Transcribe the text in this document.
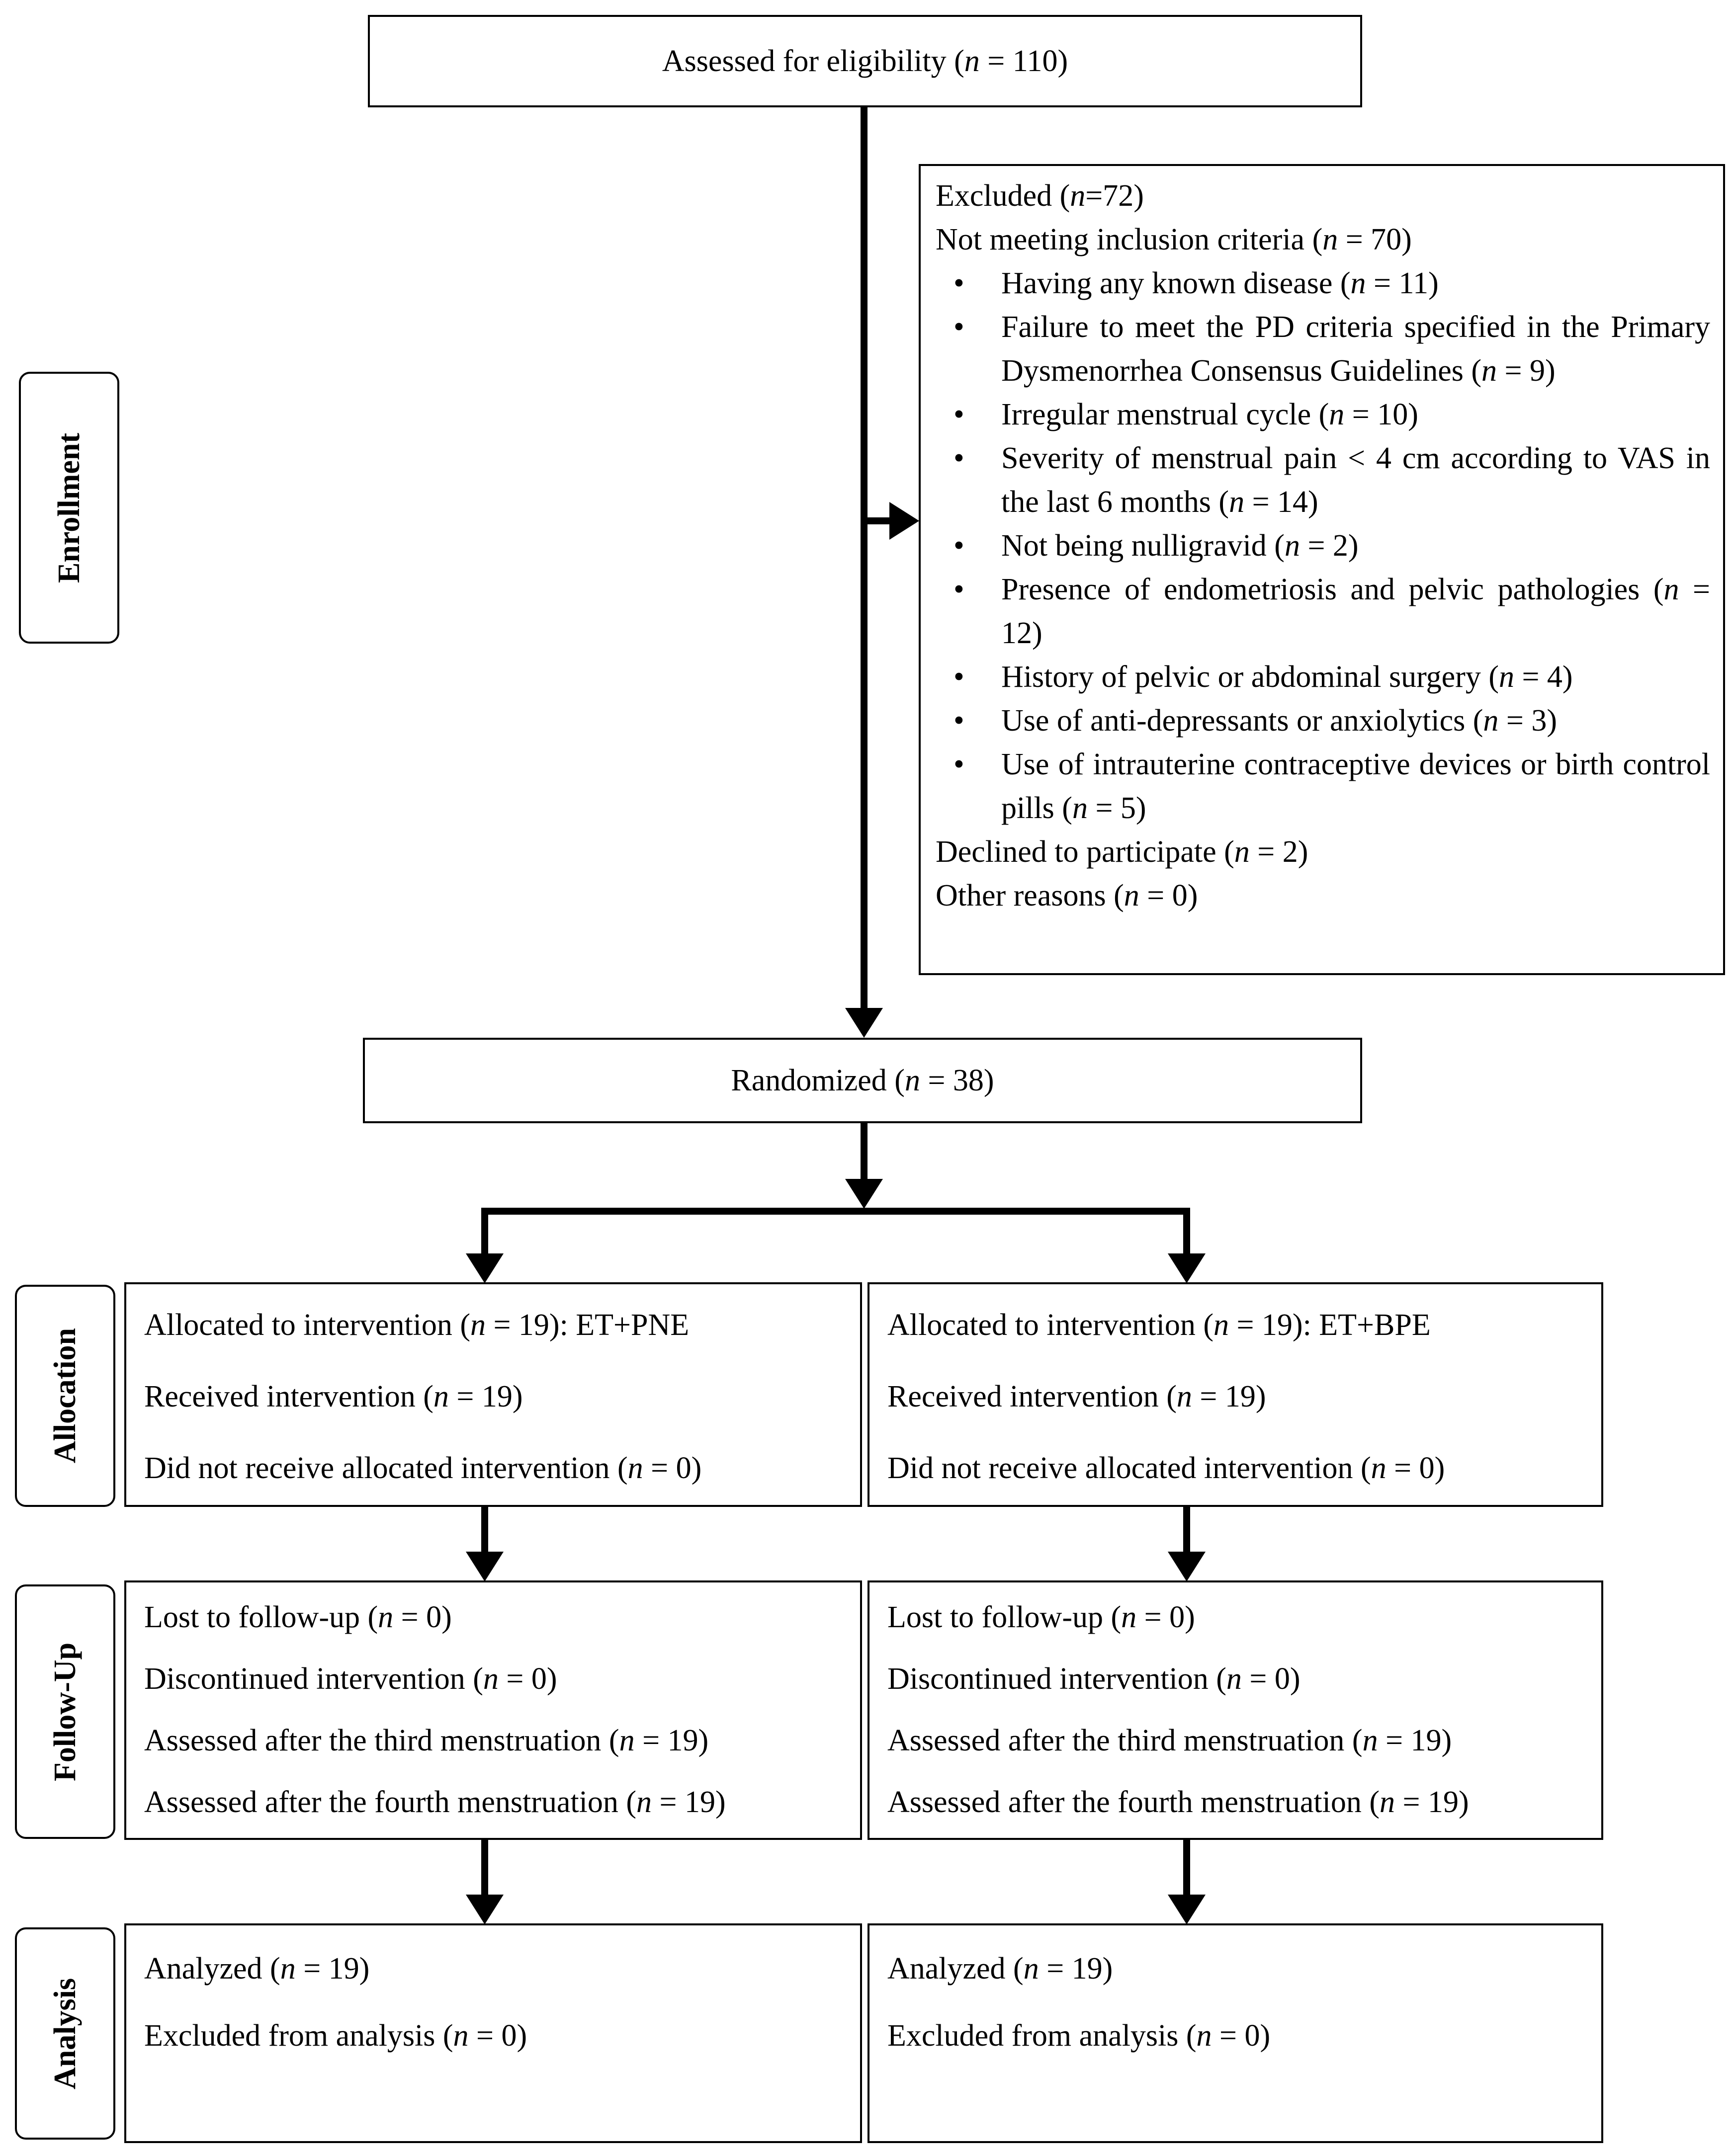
Enrollment
Allocation
Follow-Up
Analysis
Assessed for eligibility (n = 110)

Excluded (n=72)

Not meeting inclusion criteria (n = 70)

• Having any known disease (n = 11)
• Failure to meet the PD criteria specified in the Primary Dysmenorrhea Consensus Guidelines (n = 9)
• Irregular menstrual cycle (n = 10)
• Severity of menstrual pain < 4 cm according to VAS in the last 6 months (n = 14)
• Not being nulligravid (n = 2)
• Presence of endometriosis and pelvic pathologies (n = 12)
• History of pelvic or abdominal surgery (n = 4)
• Use of anti-depressants or anxiolytics (n = 3)
• Use of intrauterine contraceptive devices or birth control pills (n = 5)

Declined to participate (n = 2)

Other reasons (n = 0)

Randomized (n = 38)

Allocated to intervention (n = 19): ET+PNE

Received intervention (n = 19)

Did not receive allocated intervention (n = 0)

Allocated to intervention (n = 19): ET+BPE

Received intervention (n = 19)

Did not receive allocated intervention (n = 0)

Lost to follow-up (n = 0)

Discontinued intervention (n = 0)

Assessed after the third menstruation (n = 19)

Assessed after the fourth menstruation (n = 19)

Lost to follow-up (n = 0)

Discontinued intervention (n = 0)

Assessed after the third menstruation (n = 19)

Assessed after the fourth menstruation (n = 19)

Analyzed (n = 19)

Excluded from analysis (n = 0)

Analyzed (n = 19)

Excluded from analysis (n = 0)
